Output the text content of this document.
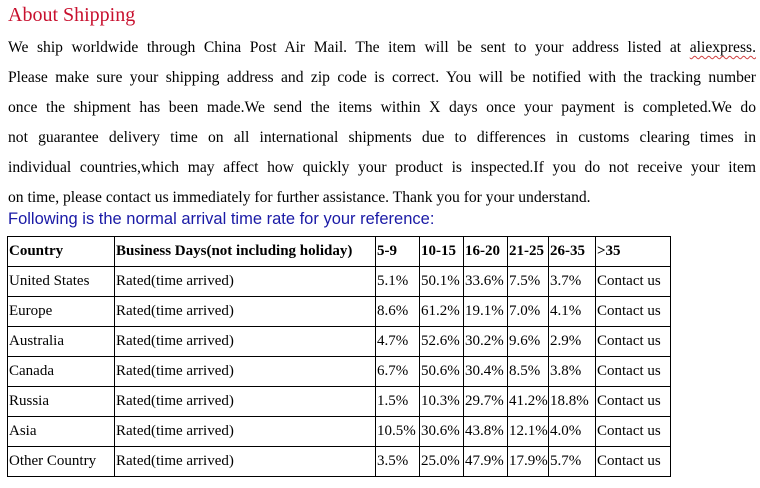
About Shipping
We ship worldwide through China Post Air Mail. The item will be sent to your address listed at aliexpress.
Please make sure your shipping address and zip code is correct. You will be notified with the tracking number
once the shipment has been made.We send the items within X days once your payment is completed.We do
not guarantee delivery time on all international shipments due to differences in customs clearing times in
individual countries,which may affect how quickly your product is inspected.If you do not receive your item
on time, please contact us immediately for further assistance. Thank you for your understand.
Following is the normal arrival time rate for your reference:
Country	Business Days(not including holiday)	5-9	10-15	16-20	21-25	26-35	>35
United States	Rated(time arrived)	5.1%	50.1%	33.6%	7.5%	3.7%	Contact us
Europe	Rated(time arrived)	8.6%	61.2%	19.1%	7.0%	4.1%	Contact us
Australia	Rated(time arrived)	4.7%	52.6%	30.2%	9.6%	2.9%	Contact us
Canada	Rated(time arrived)	6.7%	50.6%	30.4%	8.5%	3.8%	Contact us
Russia	Rated(time arrived)	1.5%	10.3%	29.7%	41.2%	18.8%	Contact us
Asia	Rated(time arrived)	10.5%	30.6%	43.8%	12.1%	4.0%	Contact us
Other Country	Rated(time arrived)	3.5%	25.0%	47.9%	17.9%	5.7%	Contact us
